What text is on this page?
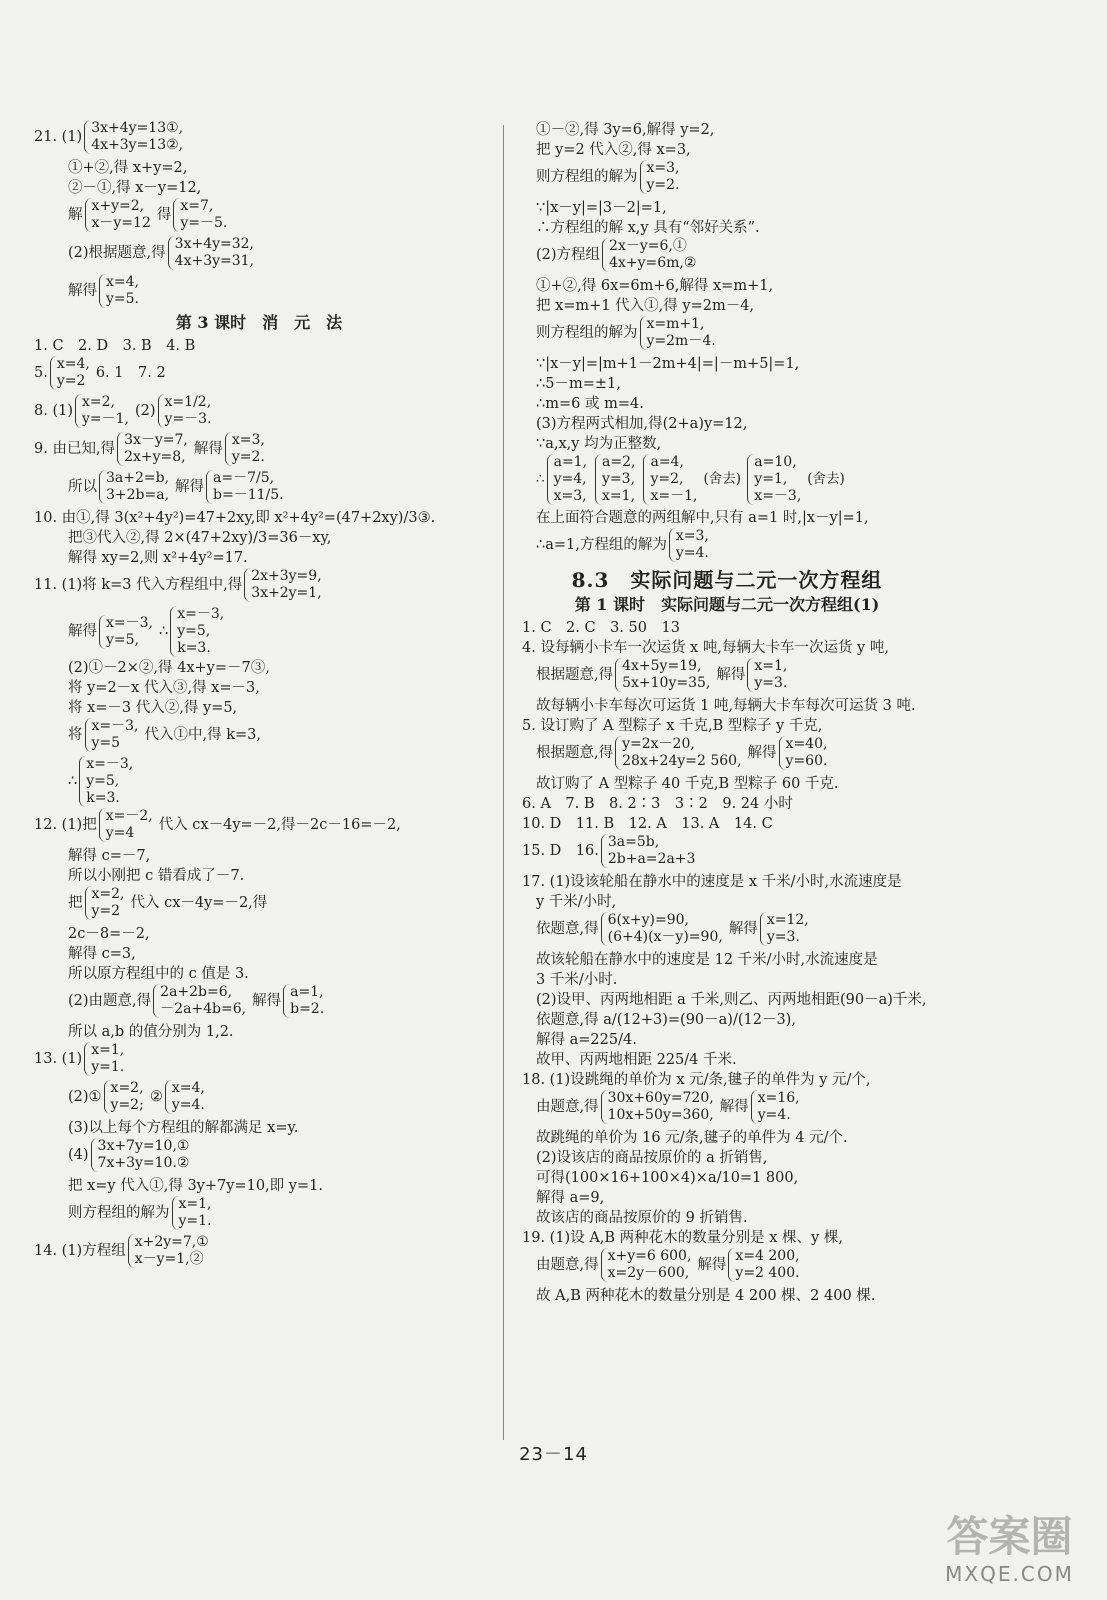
21. (1)
3x+4y=13①,
4x+3y=13②,
①+②,得 x+y=2,
②－①,得 x－y=12,
解
x+y=2,
x－y=12 得
x=7,
y=－5.
(2)根据题意,得
3x+4y=32,
4x+3y=31,
解得
x=4,
y=5.
第 3 课时　消　元　法
1. C　2. D　3. B　4. B
5.
x=4,
y=2 6. 1　7. 2
8. (1)
x=2,
y=－1, (2)
x=1/2,
y=－3.
9. 由已知,得
3x－y=7,
2x+y=8, 解得
x=3,
y=2.
所以
3a+2=b,
3+2b=a, 解得
a=－7/5,
b=－11/5.
10. 由①,得 3(x²+4y²)=47+2xy,即 x²+4y²=(47+2xy)/3③.
把③代入②,得 2×(47+2xy)/3=36－xy,
解得 xy=2,则 x²+4y²=17.
11. (1)将 k=3 代入方程组中,得
2x+3y=9,
3x+2y=1,
解得
x=－3,
y=5,	∴
x=－3,
y=5,
k=3.
(2)①－2×②,得 4x+y=－7③,
将 y=2－x 代入③,得 x=－3,
将 x=－3 代入②,得 y=5,
将
x=－3,
y=5	代入①中,得 k=3,
∴
x=－3,
y=5,
k=3.
12. (1)把
x=－2,
y=4	代入 cx－4y=－2,得－2c－16=－2,
解得 c=－7,
所以小刚把 c 错看成了－7.
把
x=2,
y=2 代入 cx－4y=－2,得
2c－8=－2,
解得 c=3,
所以原方程组中的 c 值是 3.
(2)由题意,得
2a+2b=6,
－2a+4b=6, 解得
a=1,
b=2.
所以 a,b 的值分别为 1,2.
13. (1)
x=1,
y=1.
(2)①
x=2,
y=2; ②
x=4,
y=4.
(3)以上每个方程组的解都满足 x=y.
(4)
3x+7y=10,①
7x+3y=10.②
把 x=y 代入①,得 3y+7y=10,即 y=1.
则方程组的解为
x=1,
y=1.
14. (1)方程组
x+2y=7,①
x－y=1,②
①－②,得 3y=6,解得 y=2,
把 y=2 代入②,得 x=3,
则方程组的解为
x=3,
y=2.
∵|x－y|=|3－2|=1,
∴方程组的解 x,y 具有“邻好关系”.
(2)方程组
2x－y=6,①
4x+y=6m,②
①+②,得 6x=6m+6,解得 x=m+1,
把 x=m+1 代入①,得 y=2m－4,
则方程组的解为
x=m+1,
y=2m－4.
∵|x－y|=|m+1－2m+4|=|－m+5|=1,
∴5－m=±1,
∴m=6 或 m=4.
(3)方程两式相加,得(2+a)y=12,
∵a,x,y 均为正整数,
∴
a=1,
y=4,
x=3,
a=2,
y=3,
x=1,
a=4,
y=2,
x=－1,
(舍去)
a=10,
y=1,
x=－3,
(舍去)
在上面符合题意的两组解中,只有 a=1 时,|x－y|=1,
∴a=1,方程组的解为
x=3,
y=4.
8.3　实际问题与二元一次方程组
第 1 课时　实际问题与二元一次方程组(1)
1. C　2. C　3. 50　13
4. 设每辆小卡车一次运货 x 吨,每辆大卡车一次运货 y 吨,
根据题意,得
4x+5y=19,
5x+10y=35, 解得
x=1,
y=3.
故每辆小卡车每次可运货 1 吨,每辆大卡车每次可运货 3 吨.
5. 设订购了 A 型粽子 x 千克,B 型粽子 y 千克,
根据题意,得
y=2x－20,
28x+24y=2 560, 解得
x=40,
y=60.
故订购了 A 型粽子 40 千克,B 型粽子 60 千克.
6. A　7. B　8. 2∶3　3∶2　9. 24 小时
10. D　11. B　12. A　13. A　14. C
15. D　16.
3a=5b,
2b+a=2a+3
17. (1)设该轮船在静水中的速度是 x 千米/小时,水流速度是
y 千米/小时,
依题意,得
6(x+y)=90,
(6+4)(x－y)=90, 解得
x=12,
y=3.
故该轮船在静水中的速度是 12 千米/小时,水流速度是
3 千米/小时.
(2)设甲、丙两地相距 a 千米,则乙、丙两地相距(90－a)千米,
依题意,得 a/(12+3)=(90－a)/(12－3),
解得 a=225/4.
故甲、丙两地相距 225/4 千米.
18. (1)设跳绳的单价为 x 元/条,毽子的单件为 y 元/个,
由题意,得
30x+60y=720,
10x+50y=360, 解得
x=16,
y=4.
故跳绳的单价为 16 元/条,毽子的单件为 4 元/个.
(2)设该店的商品按原价的 a 折销售,
可得(100×16+100×4)×a/10=1 800,
解得 a=9,
故该店的商品按原价的 9 折销售.
19. (1)设 A,B 两种花木的数量分别是 x 棵、y 棵,
由题意,得
x+y=6 600,
x=2y－600, 解得
x=4 200,
y=2 400.
故 A,B 两种花木的数量分别是 4 200 棵、2 400 棵.
23－14
答案圈
MXQE.COM
